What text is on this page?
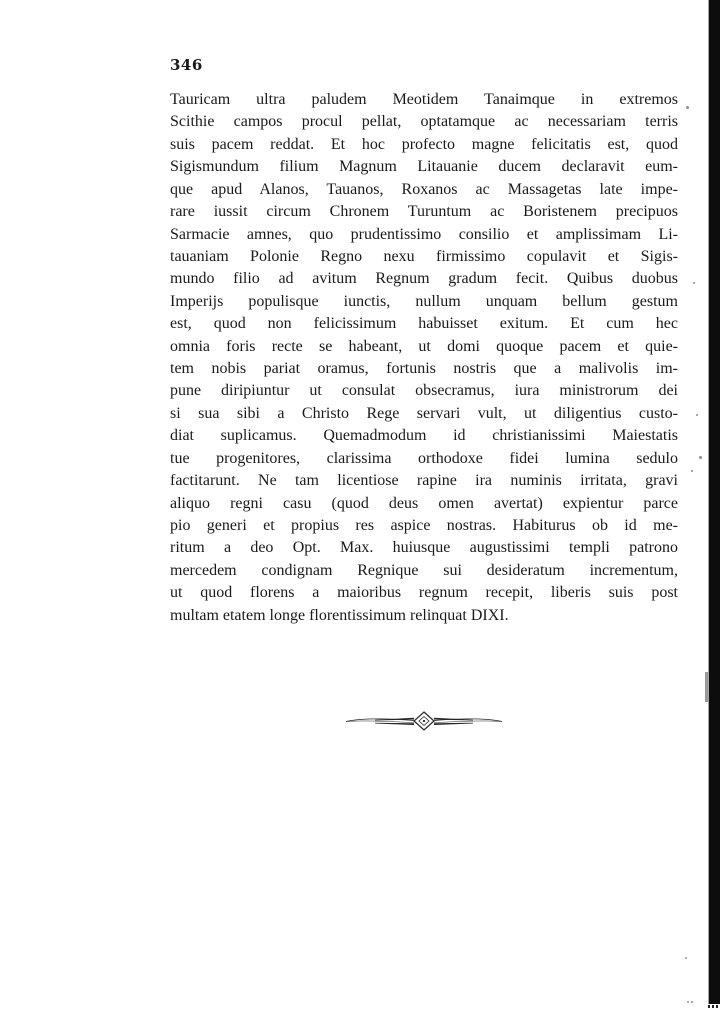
346
Tauricam ultra paludem Meotidem Tanaimque in extremos
Scithie campos procul pellat, optatamque ac necessariam terris
suis pacem reddat. Et hoc profecto magne felicitatis est, quod
Sigismundum filium Magnum Litauanie ducem declaravit eum-
que apud Alanos, Tauanos, Roxanos ac Massagetas late impe-
rare iussit circum Chronem Turuntum ac Boristenem precipuos
Sarmacie amnes, quo prudentissimo consilio et amplissimam Li-
tauaniam Polonie Regno nexu firmissimo copulavit et Sigis-
mundo filio ad avitum Regnum gradum fecit. Quibus duobus
Imperijs populisque iunctis, nullum unquam bellum gestum
est, quod non felicissimum habuisset exitum. Et cum hec
omnia foris recte se habeant, ut domi quoque pacem et quie-
tem nobis pariat oramus, fortunis nostris que a malivolis im-
pune diripiuntur ut consulat obsecramus, iura ministrorum dei
si sua sibi a Christo Rege servari vult, ut diligentius custo-
diat suplicamus. Quemadmodum id christianissimi Maiestatis
tue progenitores, clarissima orthodoxe fidei lumina sedulo
factitarunt. Ne tam licentiose rapine ira numinis irritata, gravi
aliquo regni casu (quod deus omen avertat) expientur parce
pio generi et propius res aspice nostras. Habiturus ob id me-
ritum a deo Opt. Max. huiusque augustissimi templi patrono
mercedem condignam Regnique sui desideratum incrementum,
ut quod florens a maioribus regnum recepit, liberis suis post
multam etatem longe florentissimum relinquat DIXI.
